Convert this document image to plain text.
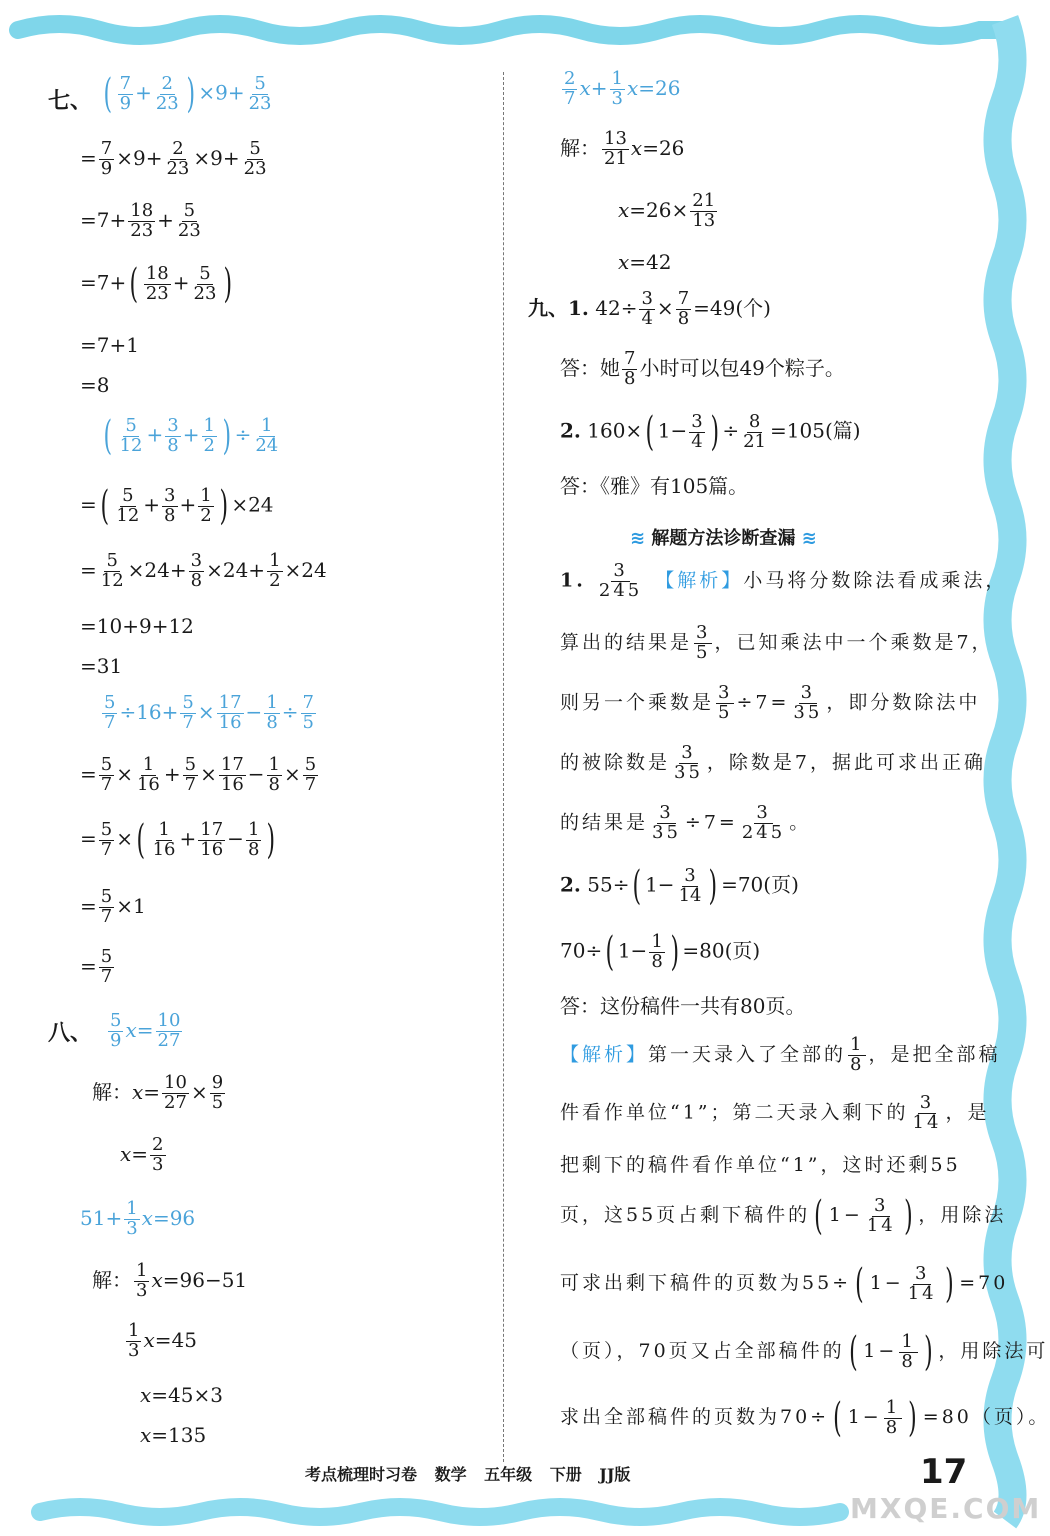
七、 ( $\frac{7}{9} + \frac{2}{23}$ ) $\times 9+ \frac{5}{23}$
= $\frac{7}{9} \times 9+ \frac{2}{23} \times 9+ \frac{5}{23}$
$=7+ \frac{18}{23} + \frac{5}{23}$
$=7+( \frac{18}{23} + \frac{5}{23}$ )
=7+1
=8
( $\frac{5}{12} + \frac{3}{8} + \frac{1}{2}$ ) ÷ $\frac{1}{24}$
=( $\frac{5}{12} + \frac{3}{8} + \frac{1}{2}$ ) ×24
= $\frac{5}{12} \times 24+ \frac{3}{8} \times 24+ \frac{1}{2} \times 24$
=10+9+12
=31
$\frac{5}{7} \div 16+ \frac{5}{7} \times \frac{17}{16} - \frac{1}{8} \div \frac{7}{5}$
= $\frac{5}{7} \times \frac{1}{16} + \frac{5}{7} \times \frac{17}{16} - \frac{1}{8} \times \frac{5}{7}$
= $\frac{5}{7}$ ×( $\frac{1}{16} + \frac{17}{16} - \frac{1}{8}$ )
= $\frac{5}{7} \times 1$
= $\frac{5}{7}$
八、 $\frac{5}{9} x= \frac{10}{27}$
解：$x= \frac{10}{27} \times \frac{9}{5}$
$x= \frac{2}{3}$
$51+ \frac{1}{3} x=96$
解： $\frac{1}{3} x=96-51$
$\frac{1}{3} x=45$
x=45×3
x=135
$\frac{2}{7} x+ \frac{1}{3} x=26$
解： $\frac{13}{21} x=26$
$x=26\times \frac{21}{13}$
x=42
九、1. $42\div \frac{3}{4} \times \frac{7}{8} =49$(个)
答：她 $\frac{7}{8}$ 小时可以包49个粽子。
2. 160×( $1- \frac{3}{4}$ ) ÷ $\frac{8}{21} =105$(篇)
答：《雅》有105篇。
≋ 解题方法诊断查漏 ≋
1. $\frac{3}{245}$ 【解析】小马将分数除法看成乘法，
算出的结果是 $\frac{3}{5}$ ，已知乘法中一个乘数是7，
则另一个乘数是 $\frac{3}{5} \div 7= \frac{3}{35}$ ，即分数除法中
的被除数是 $\frac{3}{35}$ ，除数是7，据此可求出正确
的结果是 $\frac{3}{35} \div 7= \frac{3}{245}$ 。
2. 55÷( $1- \frac{3}{14}$ ) =70(页)
70÷( $1- \frac{1}{8}$ ) =80(页)
答：这份稿件一共有80页。
【解析】第一天录入了全部的 $\frac{1}{8}$ ，是把全部稿
件看作单位“1”；第二天录入剩下的 $\frac{3}{14}$ ，是
把剩下的稿件看作单位“1”，这时还剩55
页，这55页占剩下稿件的 ( $1- \frac{3}{14}$ ) ，用除法
可求出剩下稿件的页数为55÷ ( $1- \frac{3}{14}$ ) =70
（页），70页又占全部稿件的 ( $1- \frac{1}{8}$ ) ，用除法可
求出全部稿件的页数为70÷ ( $1- \frac{1}{8}$ ) =80（页）。
考点梳理时习卷 数学 五年级 下册 JJ版	17
MXQE.COM
